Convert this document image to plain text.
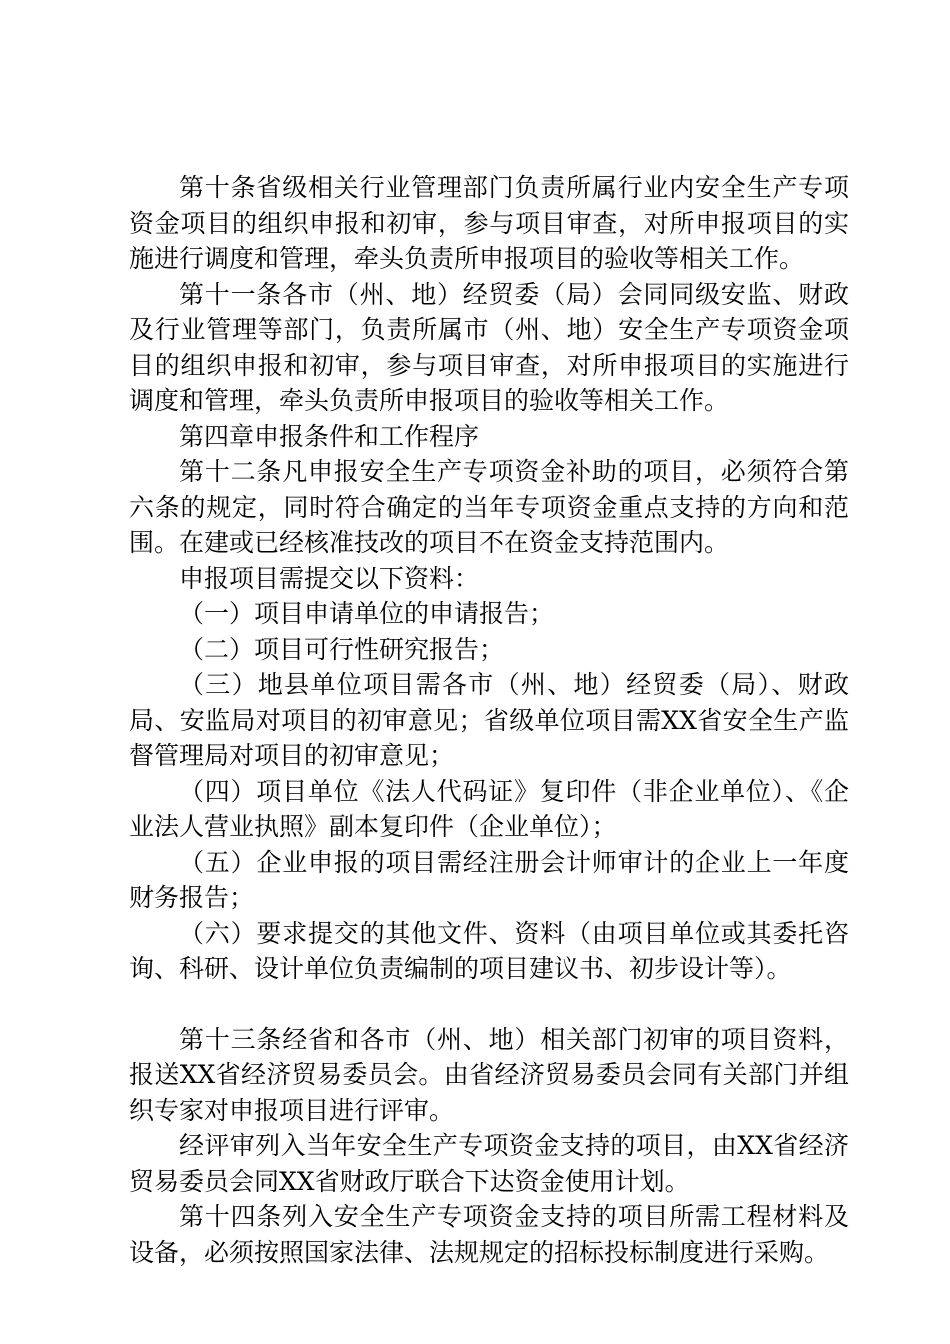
第十条省级相关行业管理部门负责所属行业内安全生产专项资金项目的组织申报和初审，参与项目审查，对所申报项目的实施进行调度和管理，牵头负责所申报项目的验收等相关工作。

第十一条各市（州、地）经贸委（局）会同同级安监、财政及行业管理等部门，负责所属市（州、地）安全生产专项资金项目的组织申报和初审，参与项目审查，对所申报项目的实施进行调度和管理，牵头负责所申报项目的验收等相关工作。

第四章申报条件和工作程序

第十二条凡申报安全生产专项资金补助的项目，必须符合第六条的规定，同时符合确定的当年专项资金重点支持的方向和范围。在建或已经核准技改的项目不在资金支持范围内。

申报项目需提交以下资料：

（一）项目申请单位的申请报告；

（二）项目可行性研究报告；

（三）地县单位项目需各市（州、地）经贸委（局）、财政局、安监局对项目的初审意见；省级单位项目需XX省安全生产监督管理局对项目的初审意见；

（四）项目单位《法人代码证》复印件（非企业单位）、《企业法人营业执照》副本复印件（企业单位）；

（五）企业申报的项目需经注册会计师审计的企业上一年度财务报告；

（六）要求提交的其他文件、资料（由项目单位或其委托咨询、科研、设计单位负责编制的项目建议书、初步设计等）。

第十三条经省和各市（州、地）相关部门初审的项目资料，报送XX省经济贸易委员会。由省经济贸易委员会同有关部门并组织专家对申报项目进行评审。

经评审列入当年安全生产专项资金支持的项目，由XX省经济贸易委员会同XX省财政厅联合下达资金使用计划。

第十四条列入安全生产专项资金支持的项目所需工程材料及设备，必须按照国家法律、法规规定的招标投标制度进行采购。
